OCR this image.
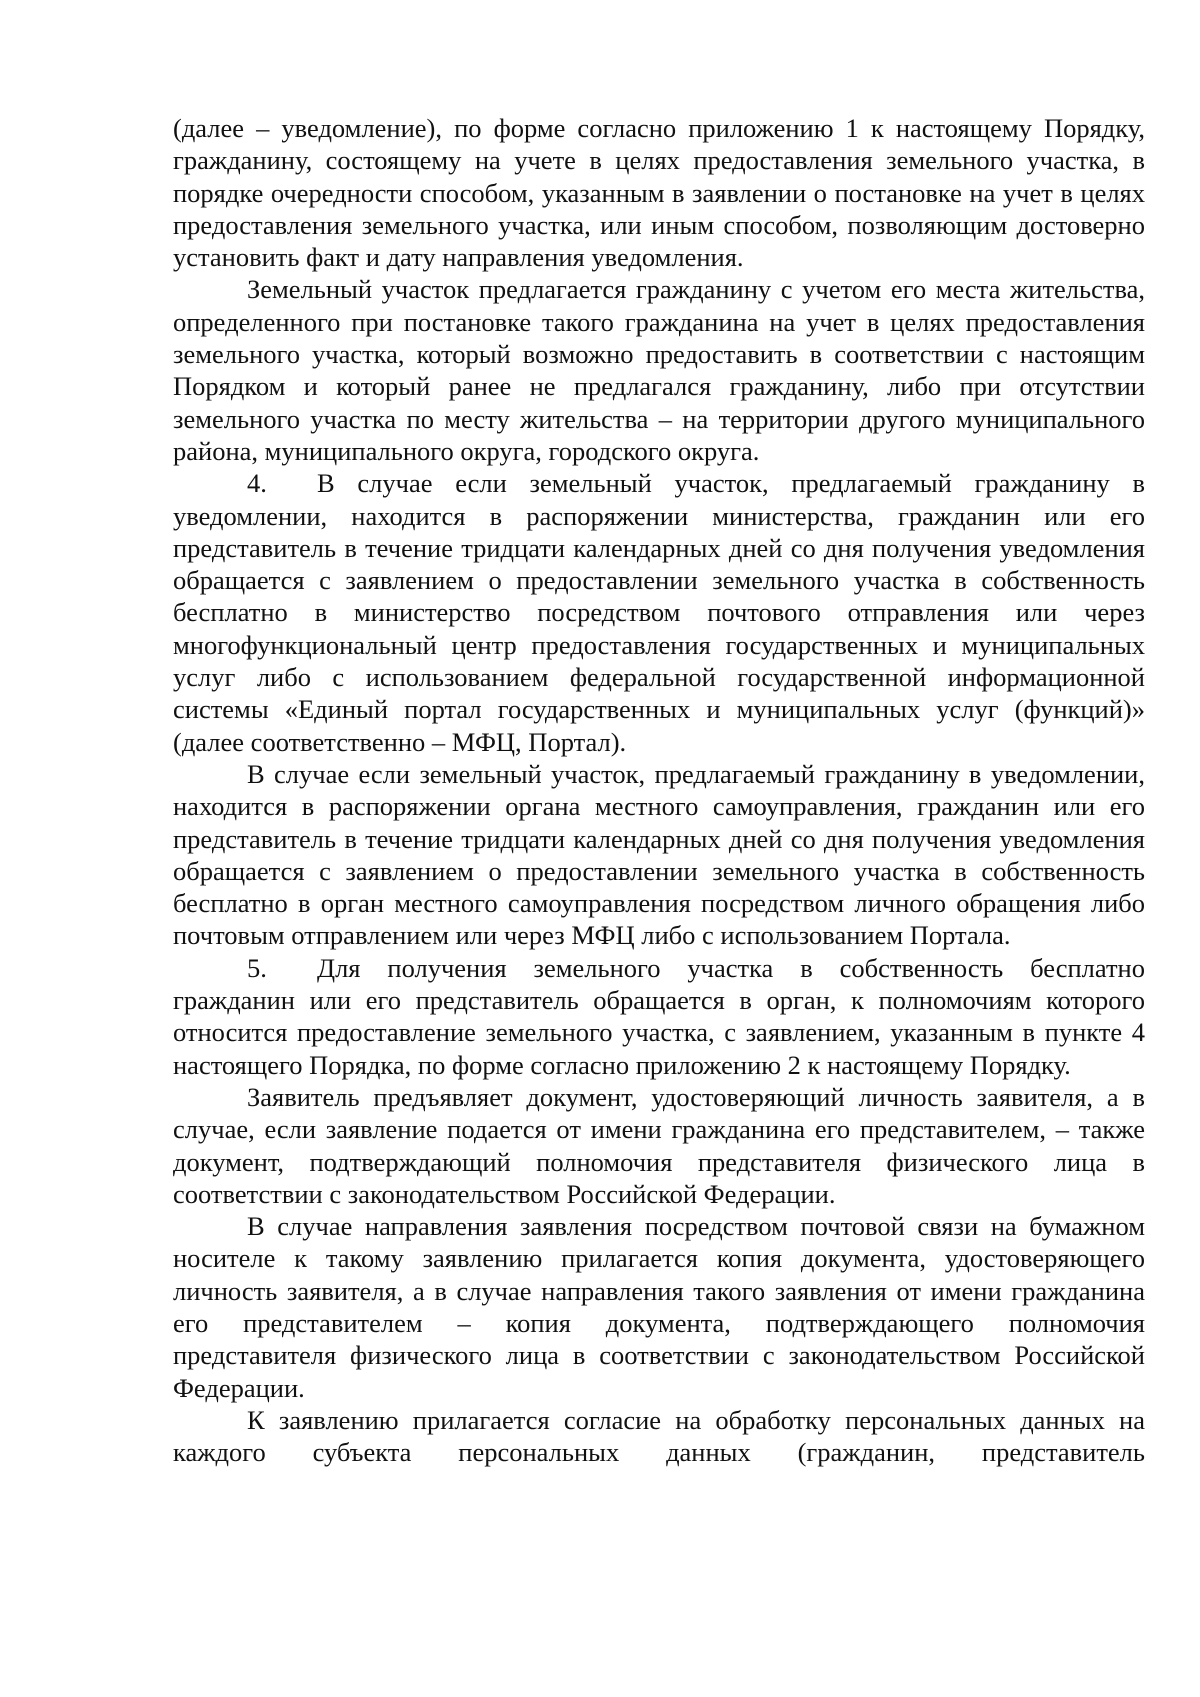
(далее – уведомление), по форме согласно приложению 1 к настоящему Порядку, гражданину, состоящему на учете в целях предоставления земельного участка, в порядке очередности способом, указанным в заявлении о постановке на учет в целях предоставления земельного участка, или иным способом, позволяющим достоверно установить факт и дату направления уведомления.

Земельный участок предлагается гражданину с учетом его места жительства, определенного при постановке такого гражданина на учет в целях предоставления земельного участка, который возможно предоставить в соответствии с настоящим Порядком и который ранее не предлагался гражданину, либо при отсутствии земельного участка по месту жительства – на территории другого муниципального района, муниципального округа, городского округа.

4. В случае если земельный участок, предлагаемый гражданину в уведомлении, находится в распоряжении министерства, гражданин или его представитель в течение тридцати календарных дней со дня получения уведомления обращается с заявлением о предоставлении земельного участка в собственность бесплатно в министерство посредством почтового отправления или через многофункциональный центр предоставления государственных и муниципальных услуг либо с использованием федеральной государственной информационной системы «Единый портал государственных и муниципальных услуг (функций)» (далее соответственно – МФЦ, Портал).

В случае если земельный участок, предлагаемый гражданину в уведомлении, находится в распоряжении органа местного самоуправления, гражданин или его представитель в течение тридцати календарных дней со дня получения уведомления обращается с заявлением о предоставлении земельного участка в собственность бесплатно в орган местного самоуправления посредством личного обращения либо почтовым отправлением или через МФЦ либо с использованием Портала.

5. Для получения земельного участка в собственность бесплатно гражданин или его представитель обращается в орган, к полномочиям которого относится предоставление земельного участка, с заявлением, указанным в пункте 4 настоящего Порядка, по форме согласно приложению 2 к настоящему Порядку.

Заявитель предъявляет документ, удостоверяющий личность заявителя, а в случае, если заявление подается от имени гражданина его представителем, – также документ, подтверждающий полномочия представителя физического лица в соответствии с законодательством Российской Федерации.

В случае направления заявления посредством почтовой связи на бумажном носителе к такому заявлению прилагается копия документа, удостоверяющего личность заявителя, а в случае направления такого заявления от имени гражданина его представителем – копия документа, подтверждающего полномочия представителя физического лица в соответствии с законодательством Российской Федерации.

К заявлению прилагается согласие на обработку персональных данных на каждого субъекта персональных данных (гражданин, представитель
